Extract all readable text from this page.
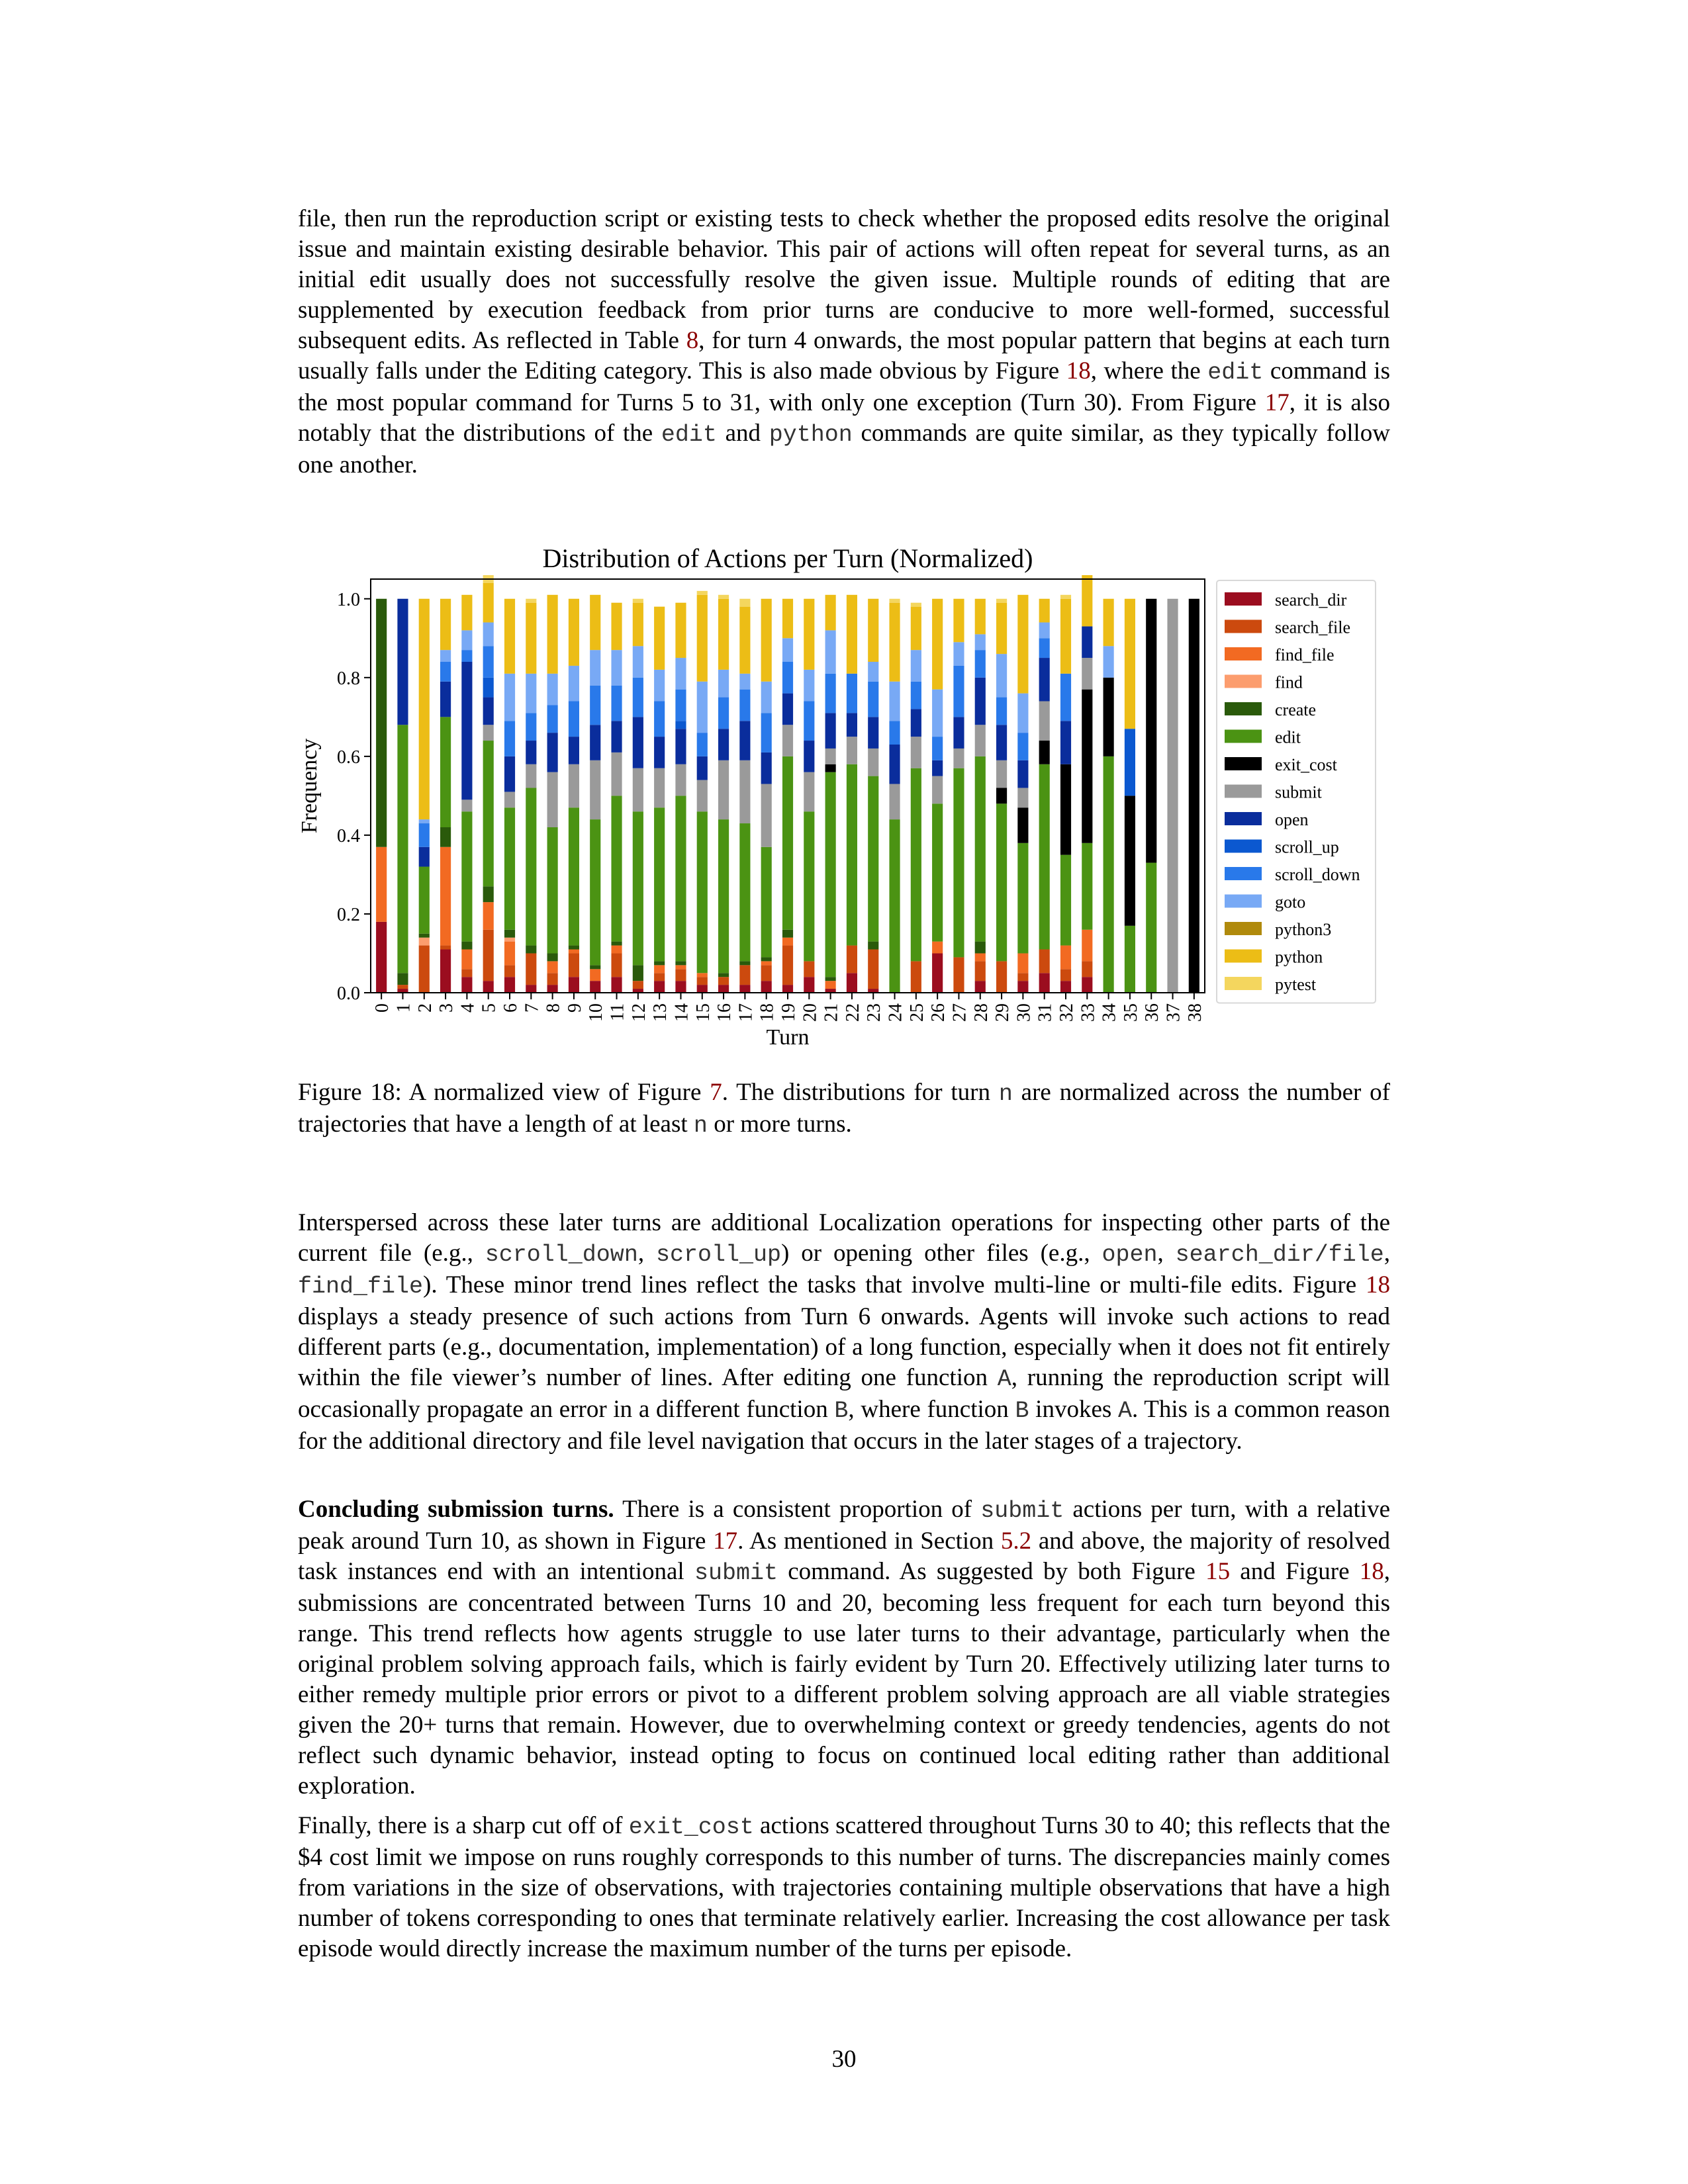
file, then run the reproduction script or existing tests to check whether the proposed edits resolve the original issue and maintain existing desirable behavior. This pair of actions will often repeat for several turns, as an initial edit usually does not successfully resolve the given issue. Multiple rounds of editing that are supplemented by execution feedback from prior turns are conducive to more well-formed, successful subsequent edits. As reflected in Table 8, for turn 4 onwards, the most popular pattern that begins at each turn usually falls under the Editing category. This is also made obvious by Figure 18, where the edit command is the most popular command for Turns 5 to 31, with only one exception (Turn 30). From Figure 17, it is also notably that the distributions of the edit and python commands are quite similar, as they typically follow one another.

Distribution of Actions per Turn (Normalized)
0.0
0.2
0.4
0.6
0.8
1.0
0 1 2 3 4 5 6 7 8 9 10 11 12 13 14 15 16 17 18 19 20 21 22 23 24 25 26 27 28 29 30 31 32 33 34 35 36 37 38
Turn
Frequency
search_dir
search_file
find_file
find
create
edit
exit_cost
submit
open
scroll_up
scroll_down
goto
python3
python
pytest

Figure 18: A normalized view of Figure 7. The distributions for turn n are normalized across the number of trajectories that have a length of at least n or more turns.

Interspersed across these later turns are additional Localization operations for inspecting other parts of the current file (e.g., scroll_down, scroll_up) or opening other files (e.g., open, search_dir/file, find_file). These minor trend lines reflect the tasks that involve multi-line or multi-file edits. Figure 18 displays a steady presence of such actions from Turn 6 onwards. Agents will invoke such actions to read different parts (e.g., documentation, implementation) of a long function, especially when it does not fit entirely within the file viewer’s number of lines. After editing one function A, running the reproduction script will occasionally propagate an error in a different function B, where function B invokes A. This is a common reason for the additional directory and file level navigation that occurs in the later stages of a trajectory.

Concluding submission turns. There is a consistent proportion of submit actions per turn, with a relative peak around Turn 10, as shown in Figure 17. As mentioned in Section 5.2 and above, the majority of resolved task instances end with an intentional submit command. As suggested by both Figure 15 and Figure 18, submissions are concentrated between Turns 10 and 20, becoming less frequent for each turn beyond this range. This trend reflects how agents struggle to use later turns to their advantage, particularly when the original problem solving approach fails, which is fairly evident by Turn 20. Effectively utilizing later turns to either remedy multiple prior errors or pivot to a different problem solving approach are all viable strategies given the 20+ turns that remain. However, due to overwhelming context or greedy tendencies, agents do not reflect such dynamic behavior, instead opting to focus on continued local editing rather than additional exploration.

Finally, there is a sharp cut off of exit_cost actions scattered throughout Turns 30 to 40; this reflects that the $4 cost limit we impose on runs roughly corresponds to this number of turns. The discrepancies mainly comes from variations in the size of observations, with trajectories containing multiple observations that have a high number of tokens corresponding to ones that terminate relatively earlier. Increasing the cost allowance per task episode would directly increase the maximum number of the turns per episode.

30
